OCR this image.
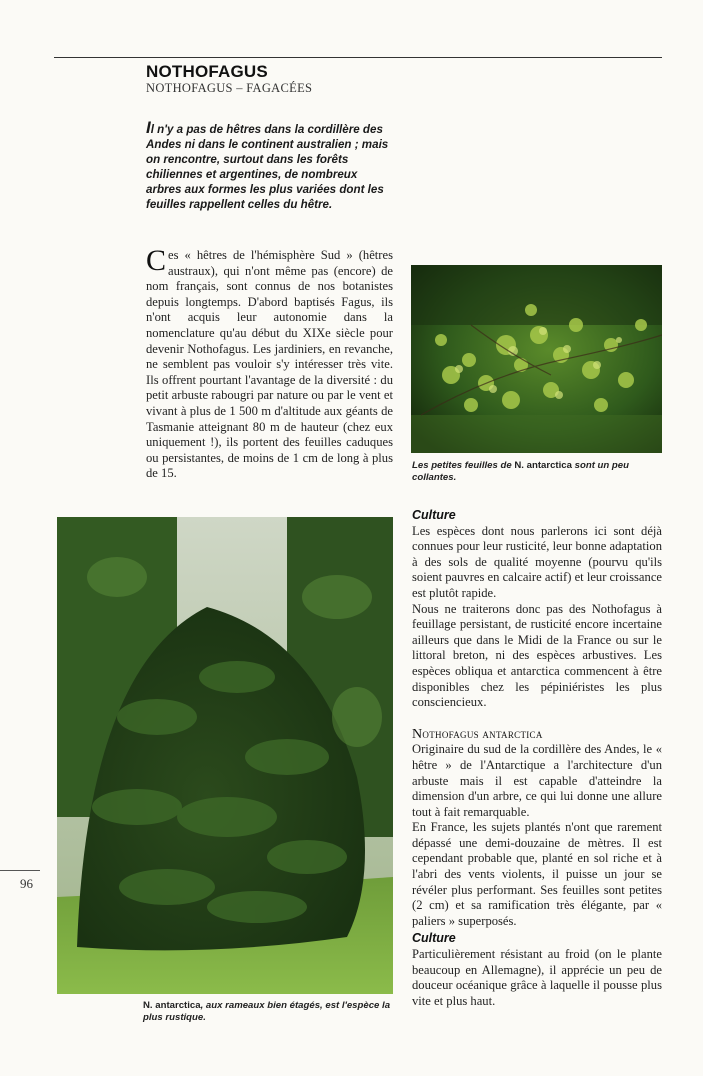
NOTHOFAGUS
NOTHOFAGUS – FAGACÉES
Il n'y a pas de hêtres dans la cordillère des Andes ni dans le continent australien ; mais on rencontre, surtout dans les forêts chiliennes et argentines, de nombreux arbres aux formes les plus variées dont les feuilles rappellent celles du hêtre.
Ces « hêtres de l'hémisphère Sud » (hêtres austraux), qui n'ont même pas (encore) de nom français, sont connus de nos botanistes depuis longtemps. D'abord baptisés Fagus, ils n'ont acquis leur autonomie dans la nomenclature qu'au début du XIXe siècle pour devenir Nothofagus. Les jardiniers, en revanche, ne semblent pas vouloir s'y intéresser très vite. Ils offrent pourtant l'avantage de la diversité : du petit arbuste rabougri par nature ou par le vent et vivant à plus de 1 500 m d'altitude aux géants de Tasmanie atteignant 80 m de hauteur (chez eux uniquement !), ils portent des feuilles caduques ou persistantes, de moins de 1 cm de long à plus de 15.
Les petites feuilles de N. antarctica sont un peu collantes.
N. antarctica, aux rameaux bien étagés, est l'espèce la plus rustique.

Culture

Les espèces dont nous parlerons ici sont déjà connues pour leur rusticité, leur bonne adaptation à des sols de qualité moyenne (pourvu qu'ils soient pauvres en calcaire actif) et leur croissance est plutôt rapide.

Nous ne traiterons donc pas des Nothofagus à feuillage persistant, de rusticité encore incertaine ailleurs que dans le Midi de la France ou sur le littoral breton, ni des espèces arbustives. Les espèces obliqua et antarctica commencent à être disponibles chez les pépiniéristes les plus consciencieux.

Nothofagus antarctica

Originaire du sud de la cordillère des Andes, le « hêtre » de l'Antarctique a l'architecture d'un arbuste mais il est capable d'atteindre la dimension d'un arbre, ce qui lui donne une allure tout à fait remarquable.

En France, les sujets plantés n'ont que rarement dépassé une demi-douzaine de mètres. Il est cependant probable que, planté en sol riche et à l'abri des vents violents, il puisse un jour se révéler plus performant. Ses feuilles sont petites (2 cm) et sa ramification très élégante, par « paliers » superposés.

Culture

Particulièrement résistant au froid (on le plante beaucoup en Allemagne), il apprécie un peu de douceur océanique grâce à laquelle il pousse plus vite et plus haut.

96
